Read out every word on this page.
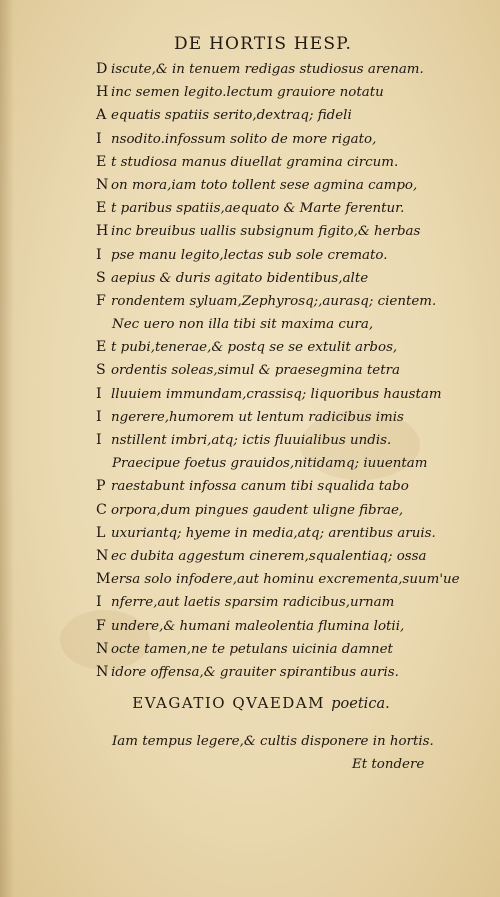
DE HORTIS HESP.
D iscute,& in tenuem redigas studiosus arenam.
H inc semen legito.lectum grauiore notatu
A equatis spatiis serito,dextraq; fideli
I nsodito.infossum solito de more rigato,
E t studiosa manus diuellat gramina circum.
N on mora,iam toto tollent sese agmina campo,
E t paribus spatiis,aequato & Marte ferentur.
H inc breuibus uallis subsignum figito,& herbas
I pse manu legito,lectas sub sole cremato.
S aepius & duris agitato bidentibus,alte
F rondentem syluam,Zephyrosq;,aurasq; cientem.
Nec uero non illa tibi sit maxima cura,
E t pubi,tenerae,& postq se se extulit arbos,
S ordentis soleas,simul & praesegmina tetra
I lluuiem immundam,crassisq; liquoribus haustam
I ngerere,humorem ut lentum radicibus imis
I nstillent imbri,atq; ictis fluuialibus undis.
Praecipue foetus grauidos,nitidamq; iuuentam
P raestabunt infossa canum tibi squalida tabo
C orpora,dum pingues gaudent uligne fibrae,
L uxuriantq; hyeme in media,atq; arentibus aruis.
N ec dubita aggestum cinerem,squalentiaq; ossa
Mersa solo infodere,aut hominu excrementa,suum'ue
I nferre,aut laetis sparsim radicibus,urnam
F undere,& humani maleolentia flumina lotii,
N octe tamen,ne te petulans uicinia damnet
N idore offensa,& grauiter spirantibus auris.
EVAGATIO QVAEDAM poetica.
Iam tempus legere,& cultis disponere in hortis.
Et tondere
